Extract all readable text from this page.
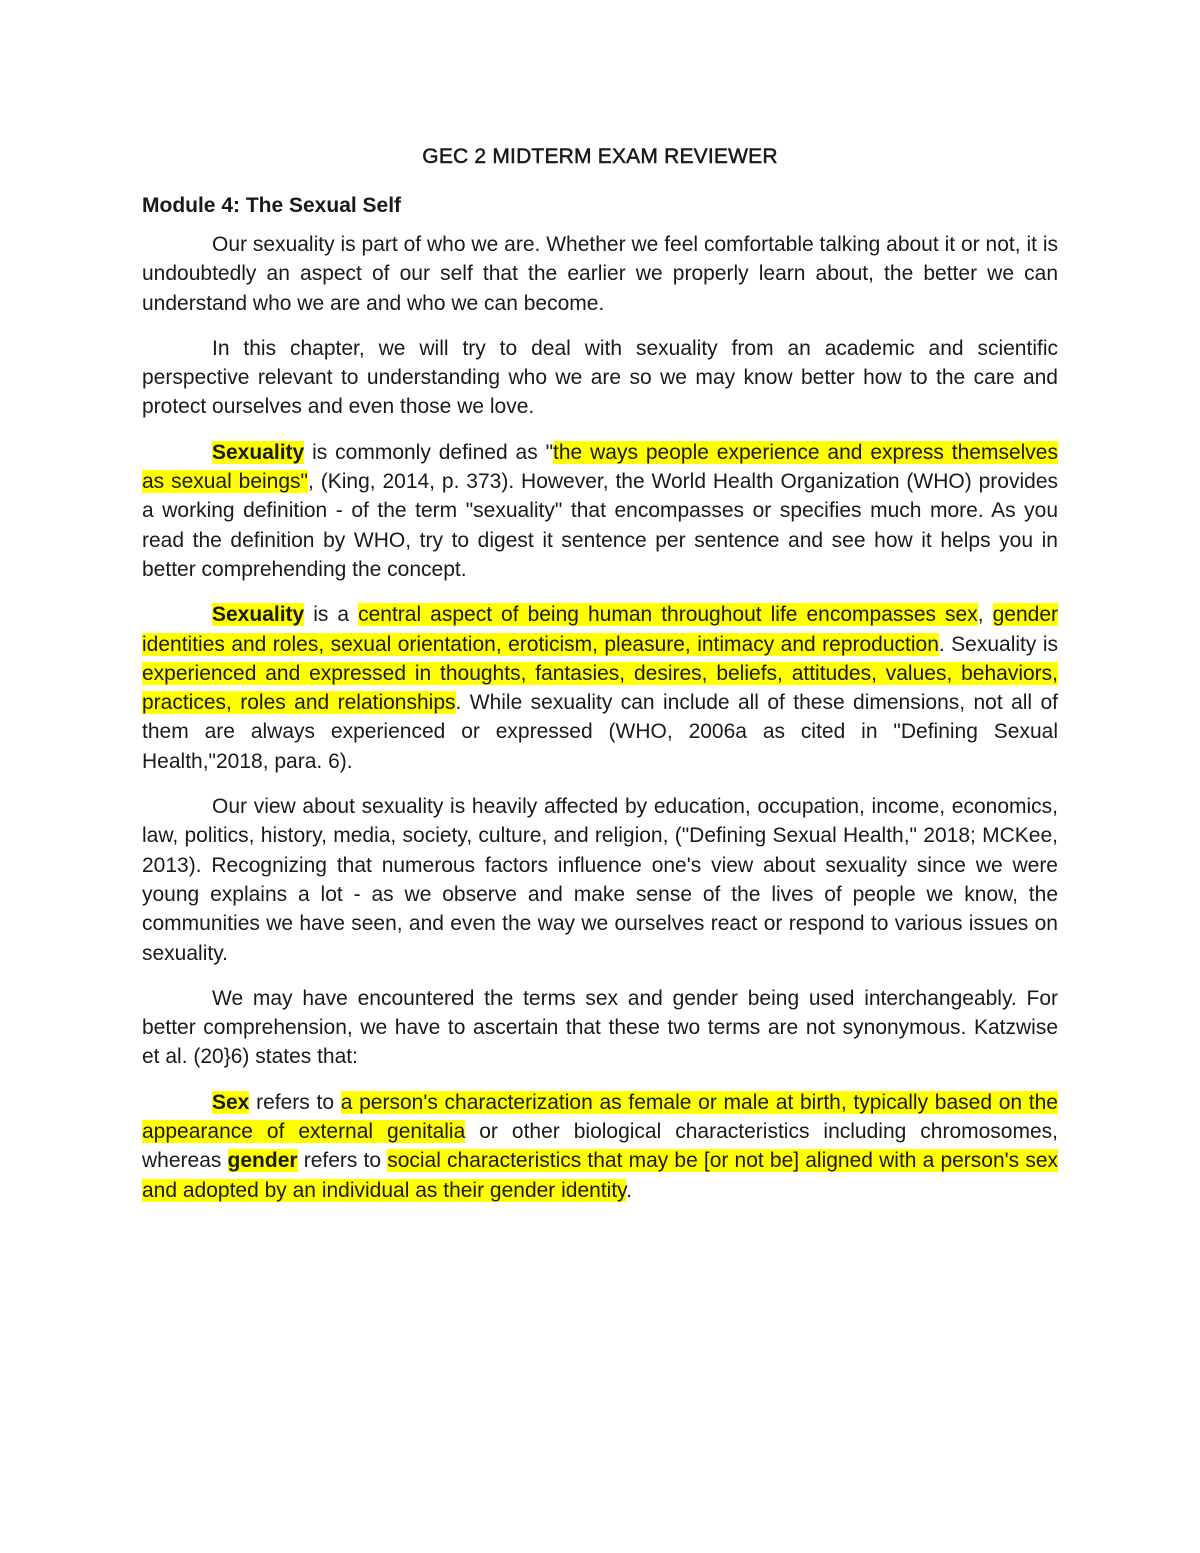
GEC 2 MIDTERM EXAM REVIEWER
Module 4: The Sexual Self

Our sexuality is part of who we are. Whether we feel comfortable talking about it or not, it is undoubtedly an aspect of our self that the earlier we properly learn about, the better we can understand who we are and who we can become.

In this chapter, we will try to deal with sexuality from an academic and scientific perspective relevant to understanding who we are so we may know better how to the care and protect ourselves and even those we love.

Sexuality is commonly defined as "the ways people experience and express themselves as sexual beings", (King, 2014, p. 373). However, the World Health Organization (WHO) provides a working definition - of the term "sexuality" that encompasses or specifies much more. As you read the definition by WHO, try to digest it sentence per sentence and see how it helps you in better comprehending the concept.

Sexuality is a central aspect of being human throughout life encompasses sex, gender identities and roles, sexual orientation, eroticism, pleasure, intimacy and reproduction. Sexuality is experienced and expressed in thoughts, fantasies, desires, beliefs, attitudes, values, behaviors, practices, roles and relationships. While sexuality can include all of these dimensions, not all of them are always experienced or expressed (WHO, 2006a as cited in "Defining Sexual Health,"2018, para. 6).

Our view about sexuality is heavily affected by education, occupation, income, economics, law, politics, history, media, society, culture, and religion, ("Defining Sexual Health," 2018; MCKee, 2013). Recognizing that numerous factors influence one's view about sexuality since we were young explains a lot - as we observe and make sense of the lives of people we know, the communities we have seen, and even the way we ourselves react or respond to various issues on sexuality.

We may have encountered the terms sex and gender being used interchangeably. For better comprehension, we have to ascertain that these two terms are not synonymous. Katzwise et al. (20}6) states that:

Sex refers to a person's characterization as female or male at birth, typically based on the appearance of external genitalia or other biological characteristics including chromosomes, whereas gender refers to social characteristics that may be [or not be] aligned with a person's sex and adopted by an individual as their gender identity.
